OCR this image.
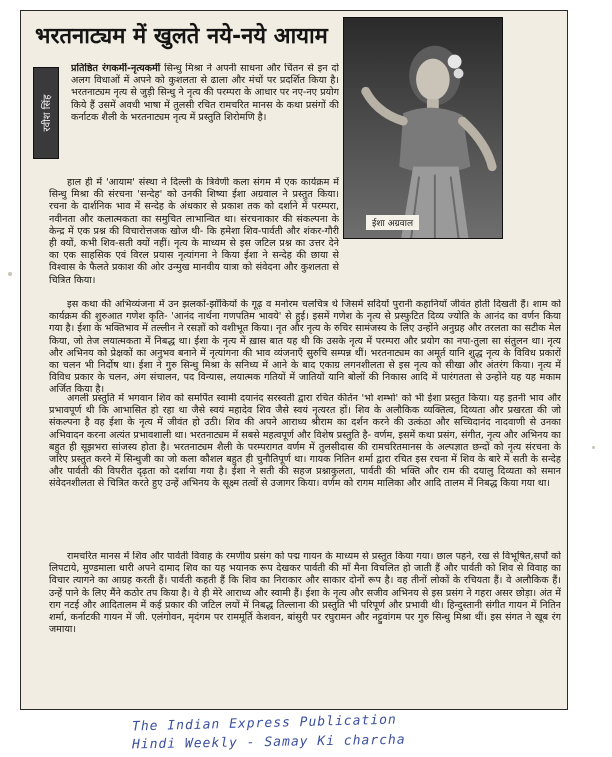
भरतनाट्यम में खुलते नये-नये आयाम
रवीश सिंह
ईशा अग्रवाल

प्रतिष्ठित रंगकर्मी-नृत्यकर्मी सिन्धु मिश्रा ने अपनी साधना और चिंतन से इन दो अलग विधाओं में अपने को कुशलता से ढाला और मंचों पर प्रदर्शित किया है। भरतनाट्यम नृत्य से जुड़ी सिन्धु ने नृत्य की परम्परा के आधार पर नए-नए प्रयोग किये हैं उसमें अवधी भाषा में तुलसी रचित रामचरित मानस के कथा प्रसंगों की कर्नाटक शैली के भरतनाट्यम नृत्य में प्रस्तुति शिरोमणि है।

हाल ही में 'आयाम' संस्था ने दिल्ली के त्रिवेणी कला संगम में एक कार्यक्रम में सिन्धु मिश्रा की संरचना 'सन्देह' को उनकी शिष्या ईशा अग्रवाल ने प्रस्तुत किया। रचना के दार्शनिक भाव में सन्देह के अंधकार से प्रकाश तक को दर्शाने में परम्परा, नवीनता और कलात्मकता का समुचित लाभान्वित था। संरचनाकार की संकल्पना के केन्द्र में एक प्रश्न की विचारोत्तजक खोज थी- कि हमेशा शिव-पार्वती और शंकर-गौरी ही क्यों, कभी शिव-सती क्यों नहीं। नृत्य के माध्यम से इस जटिल प्रश्न का उत्तर देने का एक साहसिक एवं विरल प्रयास नृत्यांगना ने किया ईशा ने सन्देह की छाया से विश्वास के फैलते प्रकाश की ओर उन्मुख मानवीय यात्रा को संवेदना और कुशलता से चित्रित किया।

इस कथा की अभिव्यंजना में उन झलकों-झाँकियों के गूढ़ व मनोरम चलचित्र थे जिसमें सदियों पुरानी कहानियाँ जीवंत होती दिखती हैं। शाम को कार्यक्रम की शुरुआत गणेश कृति- 'आनंद नार्थना गणपतिम भावये' से हुई। इसमें गणेश के नृत्य से प्रस्फुटित दिव्य ज्योति के आनंद का वर्णन किया गया है। ईशा के भक्तिभाव में तल्लीन ने रसज्ञों को वशीभूत किया। नृत और नृत्य के रुचिर सामंजस्य के लिए उन्होंने अनुग्रह और तरलता का सटीक मेल किया, जो तेज लयात्मकता में निबद्ध था। ईशा के नृत्य में ख़ास बात यह थी कि उसके नृत्य में परम्परा और प्रयोग का नपा-तुला सा संतुलन था। नृत्य और अभिनय को प्रेक्षकों का अनुभव बनाने में नृत्यांगना की भाव व्यंजनाएँ सुरुचि सम्पन्न थीं। भरतनाट्यम का अमूर्त यानि शुद्ध नृत्य के विविध प्रकारों का चलन भी निर्दोष था। ईशा ने गुरु सिन्धु मिश्रा के सनिध्य में आने के बाद एकाग्र लगनशीलता से इस नृत्य को सीखा और अंतरंग किया। नृत्य में विविध प्रकार के चलन, अंग संचालन, पद विन्यास, लयात्मक गतियों में जातियों यानि बोलों की निकास आदि में पारंगतता से उन्होंने यह यह मकाम अर्जित किया है।

अगली प्रस्तुति में भगवान शिव को समर्पित स्वामी दयानंद सरस्वती द्वारा रचित कीर्तन 'भो शम्भो' को भी ईशा प्रस्तुत किया। यह इतनी भाव और प्रभावपूर्ण थी कि आभासित हो रहा था जैसे स्वयं महादेव शिव जैसे स्वयं नृत्यरत हों। शिव के अलौकिक व्यक्तित्व, दिव्यता और प्रखरता की जो संकल्पना है वह ईशा के नृत्य में जीवंत हो उठी। शिव की अपने आराध्य श्रीराम का दर्शन करने की उत्कंठा और सच्चिदानंद नादवाणी से उनका अभिवादन करना अत्यंत प्रभावशाली था। भरतनाट्यम में सबसे महत्वपूर्ण और विशेष प्रस्तुति है- वर्णम, इसमें कथा प्रसंग, संगीत, नृत्य और अभिनय का बहुत ही सूझभरा सांजस्य होता है। भरतनाट्यम शैली के परम्परागत वर्णम में तुलसीदास की रामचरितमानस के अल्पज्ञात छन्दों को नृत्य संरचना के जरिए प्रस्तुत करने में सिन्धुजी का जो कला कौशल बहुत ही चुनौतिपूर्ण था। गायक नितिन शर्मा द्वारा रचित इस रचना में शिव के बारे में सती के सन्देह और पार्वती की विपरीत दृढ़ता को दर्शाया गया है। ईशा ने सती की सहज प्रश्नाकुलता, पार्वती की भक्ति और राम की दयालु दिव्यता को समान संवेदनशीलता से चित्रित करते हुए उन्हें अभिनय के सूक्ष्म तत्वों से उजागर किया। वर्णम को रागम मालिका और आदि तालम में निबद्ध किया गया था।

रामचरित मानस में शिव और पार्वती विवाह के रमणीय प्रसंग को पद्म गायन के माध्यम से प्रस्तुत किया गया। छाल पहने, रख से विभूषित,सर्पों को लिपटाये, मुण्डमाला धारी अपने दामाद शिव का यह भयानक रूप देखकर पार्वती की माँ मैना विचलित हो जाती हैं और पार्वती को शिव से विवाह का विचार त्यागने का आग्रह करती हैं। पार्वती कहती हैं कि शिव का निराकार और साकार दोनों रूप है। वह तीनों लोकों के रचियता हैं। वे अलौकिक हैं। उन्हें पाने के लिए मैंने कठोर तप किया है। वे ही मेरे आराध्य और स्वामी हैं। ईशा के नृत्य और सजीव अभिनय से इस प्रसंग ने गहरा असर छोड़ा। अंत में राग नटई और आदितालम में कई प्रकार की जटिल लयों में निबद्ध तिल्लाना की प्रस्तुति भी परिपूर्ण और प्रभावी थी। हिन्दुस्तानी संगीत गायन में नितिन शर्मा, कर्नाटकी गायन में जी. एलंगोवन, मृदंगम पर राममूर्ति केशवन, बांसुरी पर रघुरामन और नट्टुवांगम पर गुरु सिन्धु मिश्रा थीं। इस संगत ने खूब रंग जमाया।

The Indian Express Publication
Hindi Weekly - Samay Ki charcha
